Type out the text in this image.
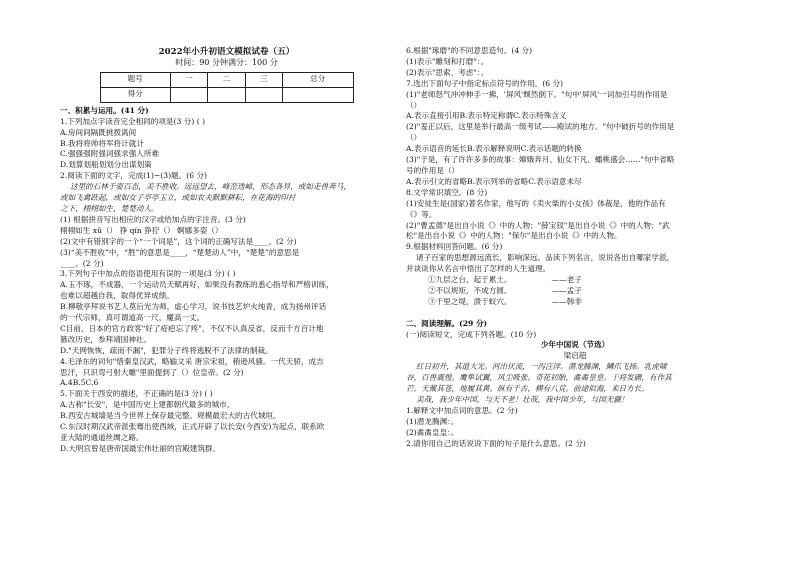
2022年小升初语文模拟试卷（五）
时间：90 分钟满分：100 分
题号	一	二	三	总分
得分				
一、积累与运用。(41 分)
1.下列加点字读音完全相同的项是(3 分) ( )
A.房间间隔既挑拨离间
B.我将将帅将军将计就计
C.强强强附强词强求强人所难
D.划算划船划划分出谋划策
2.阅读下面的文字，完成(1)~(3)题。(6 分)
这里的石林千姿百态，美不胜收。远远望去，峰峦迭嶂，形态各异，或如走兽奔马，
或如飞禽跃起，或如女子亭亭玉立，或如农夫默默耕耘，在花海的印衬
之下，栩栩如生，楚楚动人。
(1) 根据拼音写出相应的汉字或给加点的字注音。(3 分)
栩栩如生 xǔ（） 狰 qín 狰狞（） 婀娜多姿（）
(2)文中有错别字的一个“一个词是”，这个词的正确写法是____。(2 分)
(3)“美不胜收”中，“胜”的意思是____，“楚楚动人”中，“楚楚”的意思是
____。(2 分)
3.下列句子中加点的俗语使用有误的一项是(3 分) ( )
A.玉不琢，不成器，一个运动员天赋再好，如果没有教练的悉心指导和严格训练，
也难以超越自我，取得优异成绩。
B.柳敬亭拜说书艺人莫后光为师，虚心学习，说书技艺炉火纯青，成为扬州评话
的一代宗师，真可谓道高一尺，魔高一丈。
C目前，日本的官方政客"好了疮疤忘了疼"，不仅不认真反省，反而千方百计地
篡改历史，参拜靖国神社。
D."天网恢恢，疏而不漏"，犯罪分子终将逃脱不了法律的制裁。
4.毛泽东的词句"惜秦皇汉武，略输文采 唐宗宋祖，稍逊风骚。一代天骄，成吉
思汗，只识弯弓射大雕"里面提到了（）位皇帝。(2 分)
A.4B.5C.6
5.下面关于西安的描述，不正确的是(3 分) ( )
A.古称"长安"，是中国历史上建都朝代最多的城市。
B.西安古城墙是当今世界上保存最完整、规模最宏大的古代城垣。
C.东汉时期汉武帝派张骞出使西域，正式开辟了以长安(今西安)为起点，联系欧
亚大陆的通道丝绸之路。
D.大明宫曾是唐帝国最宏伟壮丽的宫殿建筑群。
6.根据"琢磨"的不同意思造句。(4 分)
(1)表示"雕刻和打磨"：。
(2)表示"思索、考虑"：。
7.选出下面句子中指定标点符号的作用。(6 分)
(1)"老师怒气冲冲伸手一拂，'屏风'颓然倒下。"句中'屏风'一词加引号的作用是
（）
A.表示直接引用B.表示特定称谓C.表示特殊含义
(2)"羞正以后，这里是举行最高一级考试——殿试的地方。"句中破折号的作用是
（）
A.表示语音的延长B.表示解释说明C.表示话题的转换
(3)"于是，有了许许多多的故事：嫦娥奔月、仙女下凡、蟠桃盛会……"句中省略
号的作用是（）
A.表示引文的省略B.表示列举的省略C.表示语意未尽
8.文学常识填空。(8 分)
(1)安徒生是(国家)著名作家，他写的《卖火柴的小女孩》体裁是，他的作品有
《》等。
(2)"曹孟德"是出自小说《》中的人物；"薛宝钗"是出自小说《》中的人物；"武
松"是出自小说《》中的人物；"保尔"是出自小说《》中的人物。
9.根据材料回答问题。(6 分)
诸子百家的思想源远流长，影响深远。品读下列名言，说说各出自哪家学派，
并谈谈你从名言中悟出了怎样的人生道理。
①九层之台，起于累土。	——老子
②不以规矩，不成方圆。	——孟子
③千里之堤，溃于蚁穴。	——韩非

二、阅读理解。(29 分)
(一)阅读短文，完成下列各题。(10 分)
少年中国说（节选）
梁启超
红日初升，其道大光。河出伏流，一泻汪洋。潜龙腾渊，鳞爪飞扬。乳虎啸
谷，百兽震惶。鹰隼试翼，风尘吸张。奇花初胎，矞矞皇皇。干将发硎，有作其
芒。天戴其苍，地履其黄。纵有千古，横有八荒。前途似海，来日方长。
美哉，我少年中国，与天不老！壮哉，我中国少年，与国无疆！
1.解释文中加点词的意思。(2 分)
(1)潜龙腾渊：。
(2)矞矞皇皇：。
2.请你用自己的话说说下面的句子是什么意思。(2 分)
